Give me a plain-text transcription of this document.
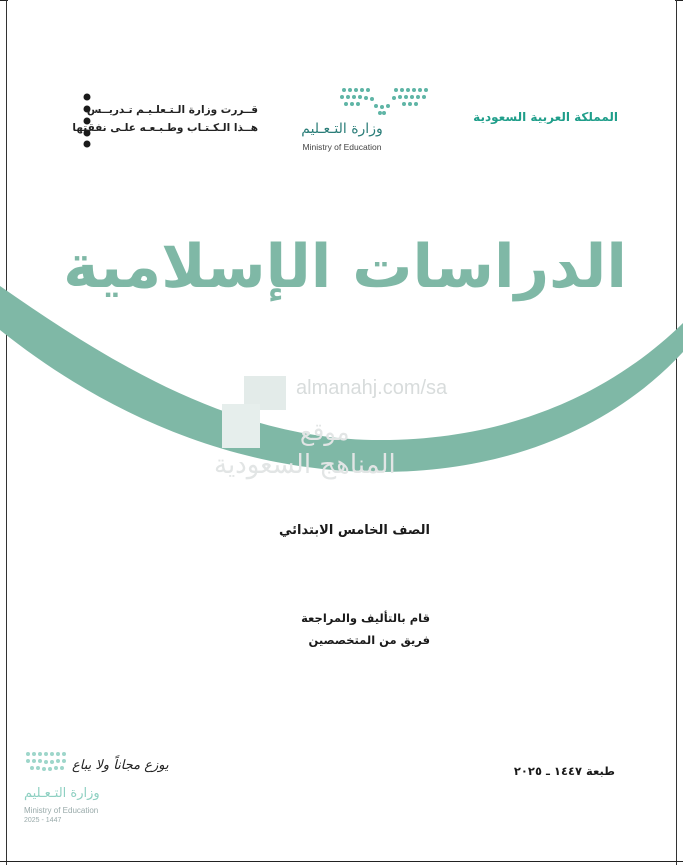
almanahj.com/sa
موقع
المناهج السعودية
قــررت وزارة الـتـعلـيـم تـدريــس
هــذا الـكـتـاب وطـبـعـه علـى نفقتها	وزارة التـعـليم
Ministry of Education
المملكة العربية السعودية
الدراسات الإسلامية
الصف الخامس الابتدائي
قام بالتأليف والمراجعة
فريق من المتخصصين
طبعة ١٤٤٧ ـ ٢٠٢٥
يوزع مجاناً ولا يباع
وزارة التـعـليم
Ministry of Education
2025 - 1447
